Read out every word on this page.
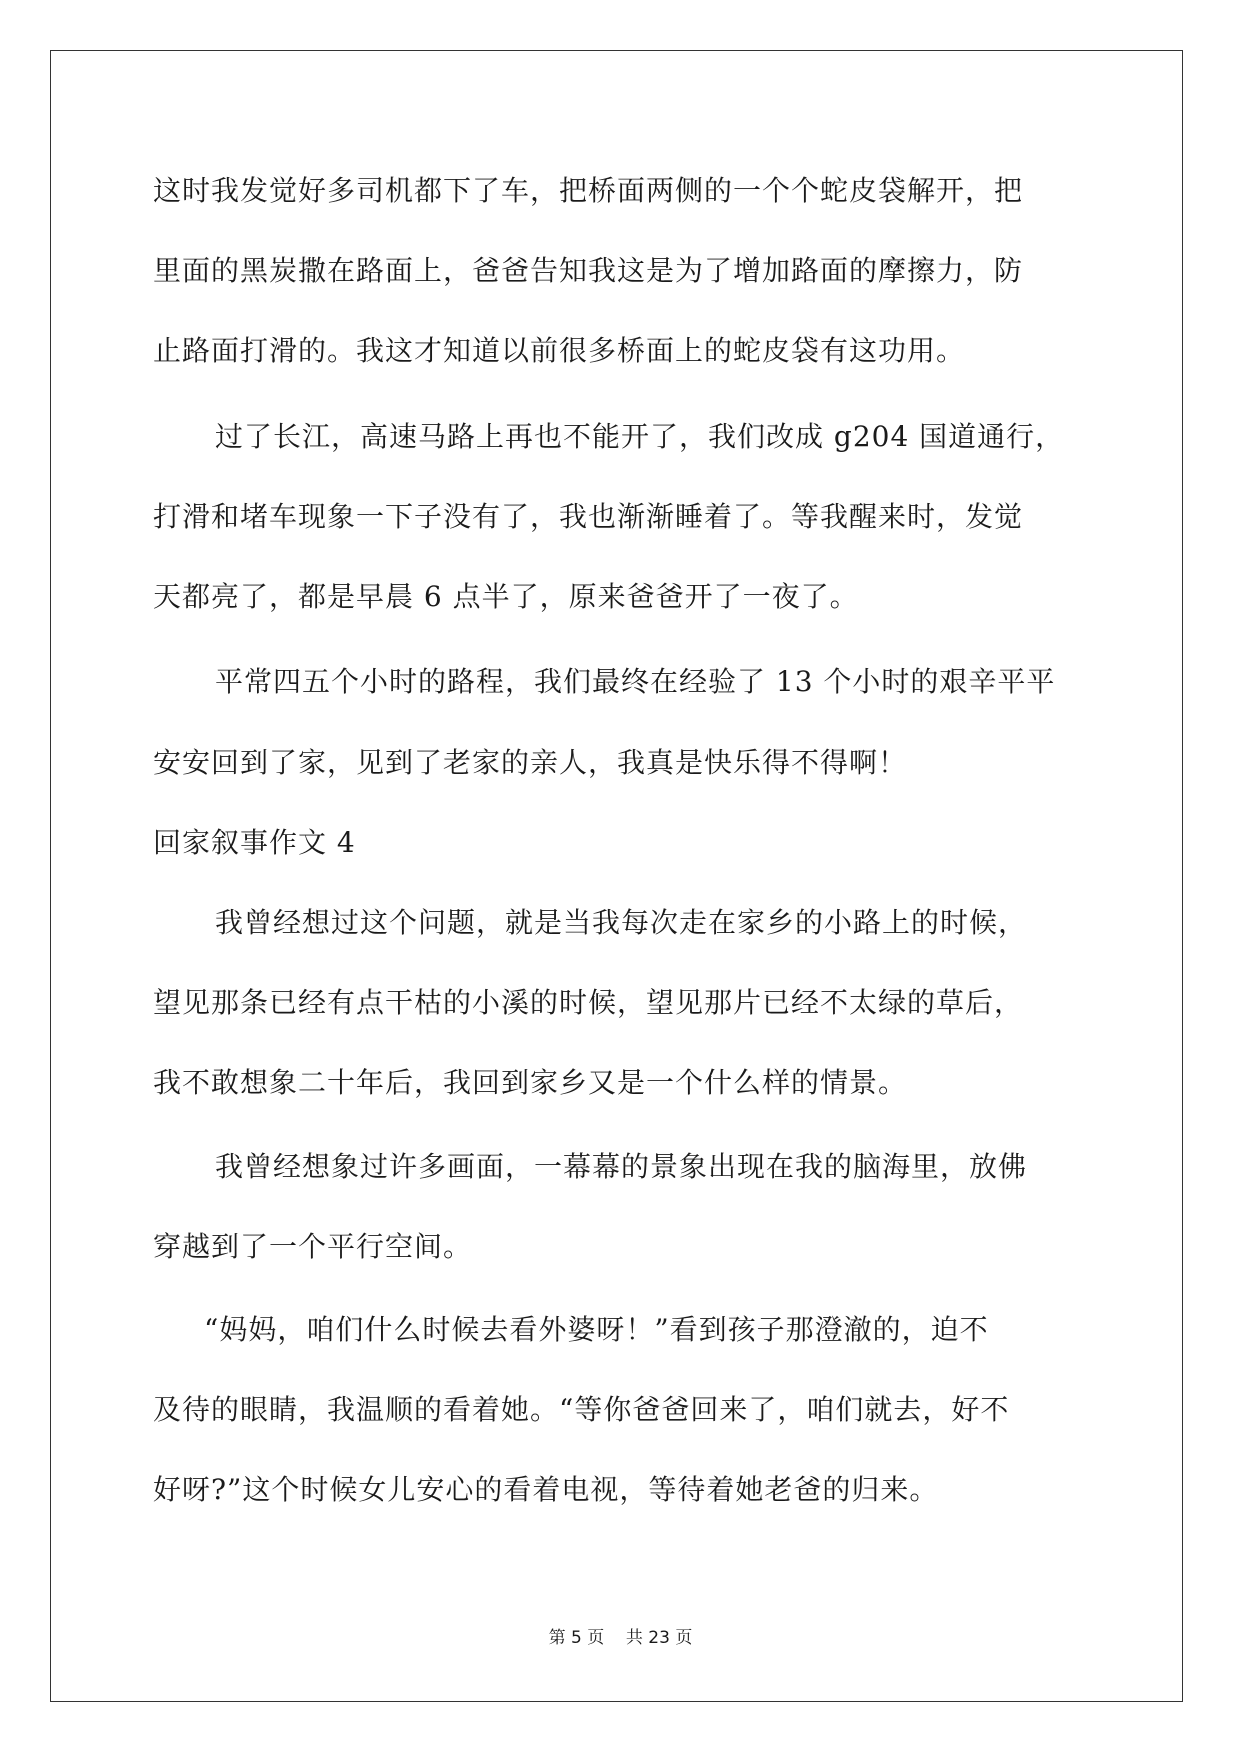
这时我发觉好多司机都下了车，把桥面两侧的一个个蛇皮袋解开，把
里面的黑炭撒在路面上，爸爸告知我这是为了增加路面的摩擦力，防
止路面打滑的。我这才知道以前很多桥面上的蛇皮袋有这功用。
过了长江，高速马路上再也不能开了，我们改成 g204 国道通行，
打滑和堵车现象一下子没有了，我也渐渐睡着了。等我醒来时，发觉
天都亮了，都是早晨 6 点半了，原来爸爸开了一夜了。
平常四五个小时的路程，我们最终在经验了 13 个小时的艰辛平平
安安回到了家，见到了老家的亲人，我真是快乐得不得啊！
回家叙事作文 4
我曾经想过这个问题，就是当我每次走在家乡的小路上的时候，
望见那条已经有点干枯的小溪的时候，望见那片已经不太绿的草后，
我不敢想象二十年后，我回到家乡又是一个什么样的情景。
我曾经想象过许多画面，一幕幕的景象出现在我的脑海里，放佛
穿越到了一个平行空间。
“妈妈，咱们什么时候去看外婆呀！”看到孩子那澄澈的，迫不
及待的眼睛，我温顺的看着她。“等你爸爸回来了，咱们就去，好不
好呀?”这个时候女儿安心的看着电视，等待着她老爸的归来。
第 5 页 共 23 页
